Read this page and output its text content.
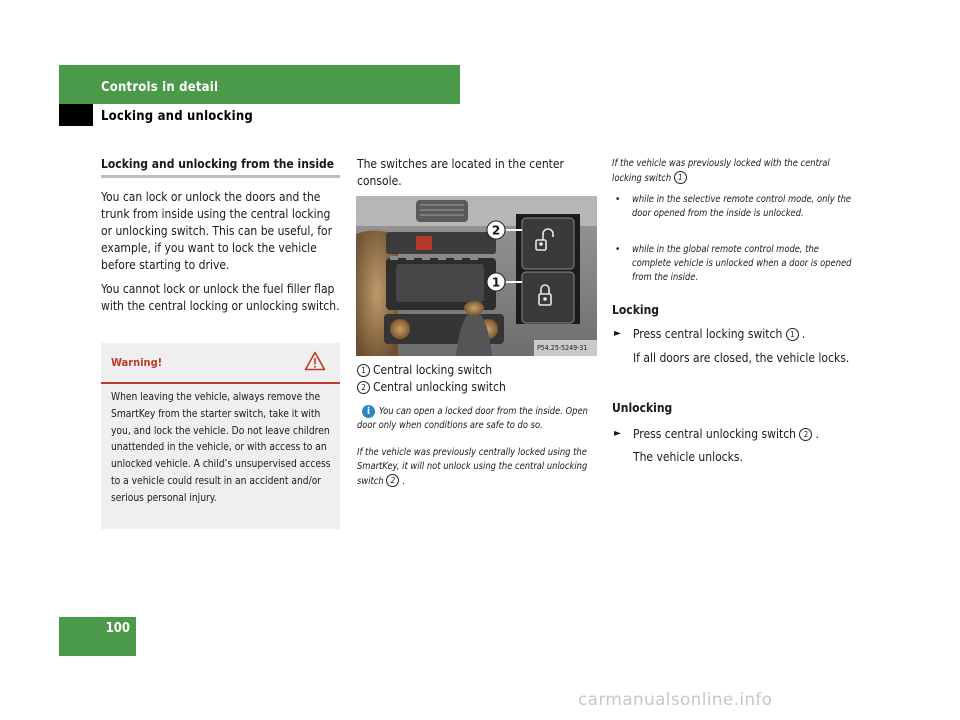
Controls in detail
Locking and unlocking
Locking and unlocking from the inside
You can lock or unlock the doors and the trunk from inside using the central locking or unlocking switch. This can be useful, for example, if you want to lock the vehicle before starting to drive.
You cannot lock or unlock the fuel filler flap with the central locking or unlocking switch.
Warning!
When leaving the vehicle, always remove the SmartKey from the starter switch, take it with you, and lock the vehicle. Do not leave children unattended in the vehicle, or with access to an unlocked vehicle. A child’s unsupervised access to a vehicle could result in an accident and/or serious personal injury.
The switches are located in the center console.
2
1
P54.25-5249-31
1 Central locking switch
2 Central unlocking switch
i You can open a locked door from the inside. Open door only when conditions are safe to do so.
If the vehicle was previously centrally locked using the SmartKey, it will not unlock using the central unlocking switch 2 .
If the vehicle was previously locked with the central locking switch 1
• while in the selective remote control mode, only the door opened from the inside is unlocked.
• while in the global remote control mode, the complete vehicle is unlocked when a door is opened from the inside.
Locking
► Press central locking switch 1 .
If all doors are closed, the vehicle locks.
Unlocking
► Press central unlocking switch 2 .
The vehicle unlocks.
100
carmanualsonline.info
